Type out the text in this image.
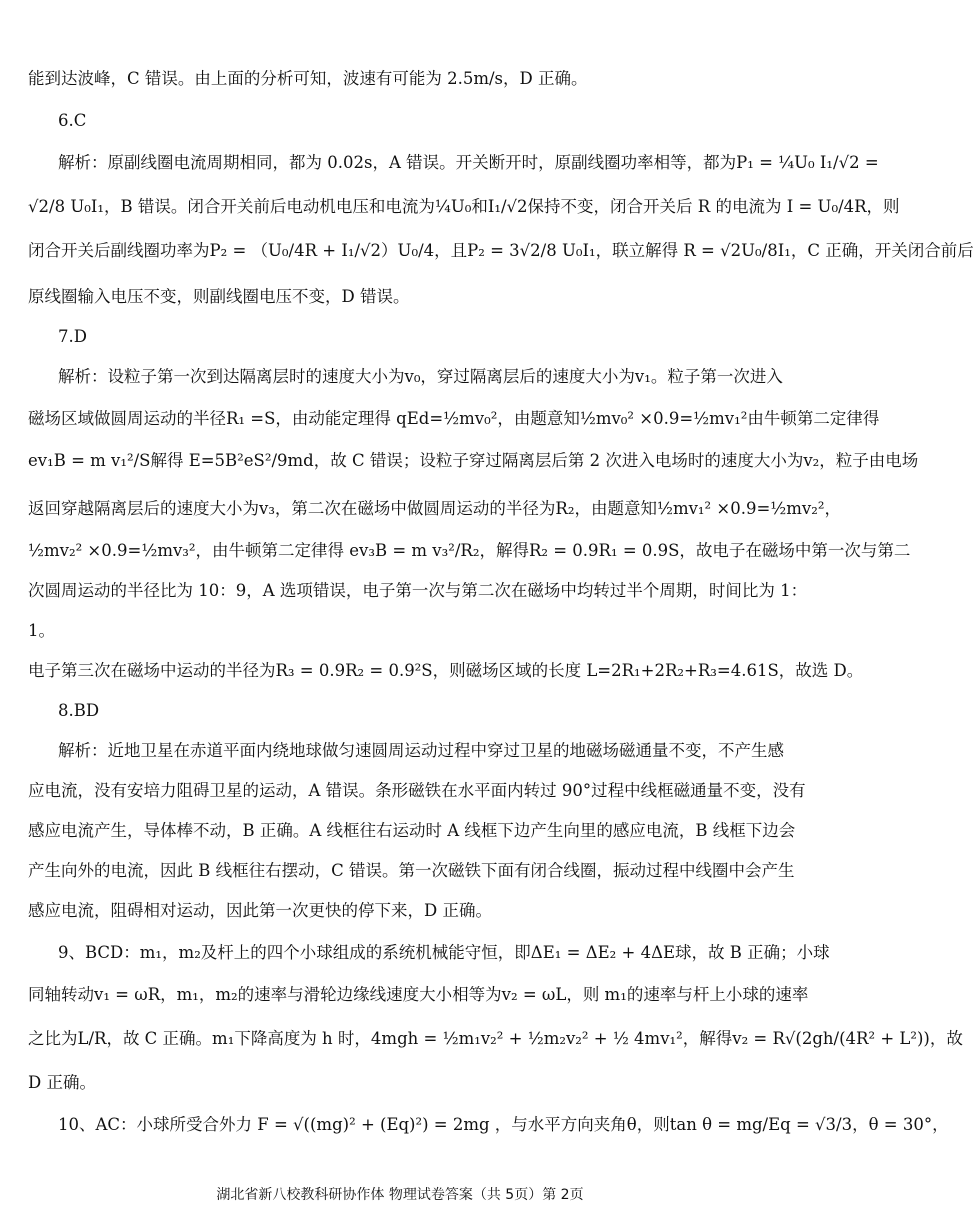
能到达波峰，C 错误。由上面的分析可知，波速有可能为 2.5m/s，D 正确。
6.C
解析：原副线圈电流周期相同，都为 0.02s，A 错误。开关断开时，原副线圈功率相等，都为P₁ = ¼U₀ I₁/√2 =
√2/8 U₀I₁，B 错误。闭合开关前后电动机电压和电流为¼U₀和I₁/√2保持不变，闭合开关后 R 的电流为 I = U₀/4R，则
闭合开关后副线圈功率为P₂ = （U₀/4R + I₁/√2）U₀/4，且P₂ = 3√2/8 U₀I₁，联立解得 R = √2U₀/8I₁，C 正确，开关闭合前后
原线圈输入电压不变，则副线圈电压不变，D 错误。
7.D
解析：设粒子第一次到达隔离层时的速度大小为v₀，穿过隔离层后的速度大小为v₁。粒子第一次进入
磁场区域做圆周运动的半径R₁ =S，由动能定理得 qEd=½mv₀²，由题意知½mv₀² ×0.9=½mv₁²由牛顿第二定律得
ev₁B = m v₁²/S解得 E=5B²eS²/9md，故 C 错误；设粒子穿过隔离层后第 2 次进入电场时的速度大小为v₂，粒子由电场
返回穿越隔离层后的速度大小为v₃，第二次在磁场中做圆周运动的半径为R₂，由题意知½mv₁² ×0.9=½mv₂²，
½mv₂² ×0.9=½mv₃²，由牛顿第二定律得 ev₃B = m v₃²/R₂，解得R₂ = 0.9R₁ = 0.9S，故电子在磁场中第一次与第二
次圆周运动的半径比为 10：9，A 选项错误，电子第一次与第二次在磁场中均转过半个周期，时间比为 1：
1。
电子第三次在磁场中运动的半径为R₃ = 0.9R₂ = 0.9²S，则磁场区域的长度 L=2R₁+2R₂+R₃=4.61S，故选 D。
8.BD
解析：近地卫星在赤道平面内绕地球做匀速圆周运动过程中穿过卫星的地磁场磁通量不变，不产生感
应电流，没有安培力阻碍卫星的运动，A 错误。条形磁铁在水平面内转过 90°过程中线框磁通量不变，没有
感应电流产生，导体棒不动，B 正确。A 线框往右运动时 A 线框下边产生向里的感应电流，B 线框下边会
产生向外的电流，因此 B 线框往右摆动，C 错误。第一次磁铁下面有闭合线圈，振动过程中线圈中会产生
感应电流，阻碍相对运动，因此第一次更快的停下来，D 正确。
9、BCD：m₁，m₂及杆上的四个小球组成的系统机械能守恒，即ΔE₁ = ΔE₂ + 4ΔE球，故 B 正确；小球
同轴转动v₁ = ωR，m₁，m₂的速率与滑轮边缘线速度大小相等为v₂ = ωL，则 m₁的速率与杆上小球的速率
之比为L/R，故 C 正确。m₁下降高度为 h 时，4mgh = ½m₁v₂² + ½m₂v₂² + ½ 4mv₁²，解得v₂ = R√(2gh/(4R² + L²))，故
D 正确。
10、AC：小球所受合外力 F = √((mg)² + (Eq)²) = 2mg ，与水平方向夹角θ，则tan θ = mg/Eq = √3/3，θ = 30°，
湖北省新八校教科研协作体 物理试卷答案（共 5页）第 2页
